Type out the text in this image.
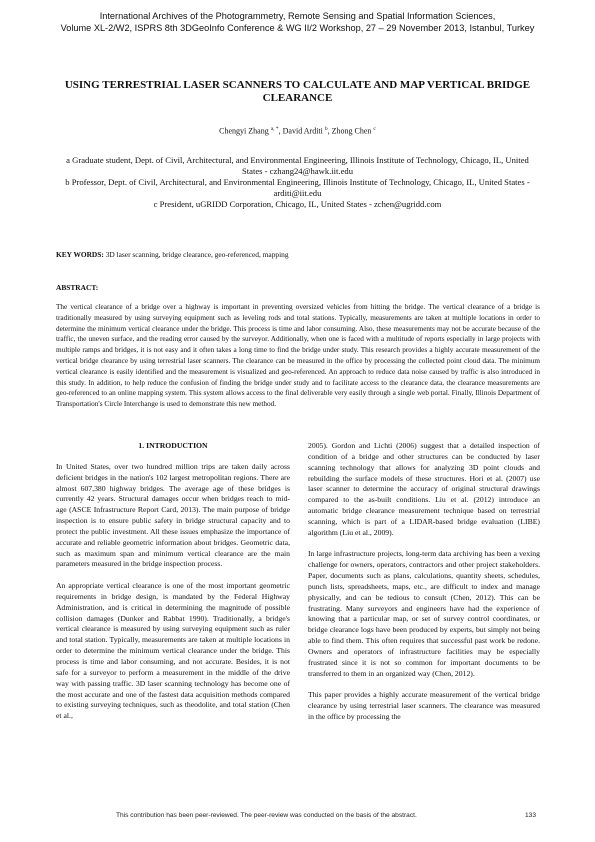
International Archives of the Photogrammetry, Remote Sensing and Spatial Information Sciences,
Volume XL-2/W2, ISPRS 8th 3DGeoInfo Conference & WG II/2 Workshop, 27 – 29 November 2013, Istanbul, Turkey
USING TERRESTRIAL LASER SCANNERS TO CALCULATE AND MAP VERTICAL BRIDGE CLEARANCE
Chengyi Zhang $^{a, *}$, David Arditi $^b$, Zhong Chen $^c$
a Graduate student, Dept. of Civil, Architectural, and Environmental Engineering, Illinois Institute of Technology, Chicago, IL, United States - czhang24@hawk.iit.edu
b Professor, Dept. of Civil, Architectural, and Environmental Engineering, Illinois Institute of Technology, Chicago, IL, United States - arditi@iit.edu
c President, uGRIDD Corporation, Chicago, IL, United States - zchen@ugridd.com
KEY WORDS: 3D laser scanning, bridge clearance, geo-referenced, mapping
ABSTRACT:
The vertical clearance of a bridge over a highway is important in preventing oversized vehicles from hitting the bridge. The vertical clearance of a bridge is traditionally measured by using surveying equipment such as leveling rods and total stations. Typically, measurements are taken at multiple locations in order to determine the minimum vertical clearance under the bridge. This process is time and labor consuming. Also, these measurements may not be accurate because of the traffic, the uneven surface, and the reading error caused by the surveyor. Additionally, when one is faced with a multitude of reports especially in large projects with multiple ramps and bridges, it is not easy and it often takes a long time to find the bridge under study. This research provides a highly accurate measurement of the vertical bridge clearance by using terrestrial laser scanners. The clearance can be measured in the office by processing the collected point cloud data. The minimum vertical clearance is easily identified and the measurement is visualized and geo-referenced. An approach to reduce data noise caused by traffic is also introduced in this study. In addition, to help reduce the confusion of finding the bridge under study and to facilitate access to the clearance data, the clearance measurements are geo-referenced to an online mapping system. This system allows access to the final deliverable very easily through a single web portal. Finally, Illinois Department of Transportation's Circle Interchange is used to demonstrate this new method.
1. INTRODUCTION

In United States, over two hundred million trips are taken daily across deficient bridges in the nation's 102 largest metropolitan regions. There are almost 607,380 highway bridges. The average age of these bridges is currently 42 years. Structural damages occur when bridges reach to mid-age (ASCE Infrastructure Report Card, 2013). The main purpose of bridge inspection is to ensure public safety in bridge structural capacity and to protect the public investment. All these issues emphasize the importance of accurate and reliable geometric information about bridges. Geometric data, such as maximum span and minimum vertical clearance are the main parameters measured in the bridge inspection process.

An appropriate vertical clearance is one of the most important geometric requirements in bridge design, is mandated by the Federal Highway Administration, and is critical in determining the magnitude of possible collision damages (Dunker and Rabbat 1990). Traditionally, a bridge's vertical clearance is measured by using surveying equipment such as ruler and total station. Typically, measurements are taken at multiple locations in order to determine the minimum vertical clearance under the bridge. This process is time and labor consuming, and not accurate. Besides, it is not safe for a surveyor to perform a measurement in the middle of the drive way with passing traffic. 3D laser scanning technology has become one of the most accurate and one of the fastest data acquisition methods compared to existing surveying techniques, such as theodolite, and total station (Chen et al.,

2005). Gordon and Lichti (2006) suggest that a detailed inspection of condition of a bridge and other structures can be conducted by laser scanning technology that allows for analyzing 3D point clouds and rebuilding the surface models of these structures. Hori et al. (2007) use laser scanner to determine the accuracy of original structural drawings compared to the as-built conditions. Liu et al. (2012) introduce an automatic bridge clearance measurement technique based on terrestrial scanning, which is part of a LIDAR-based bridge evaluation (LIBE) algorithm (Liu et al., 2009).

In large infrastructure projects, long-term data archiving has been a vexing challenge for owners, operators, contractors and other project stakeholders. Paper, documents such as plans, calculations, quantity sheets, schedules, punch lists, spreadsheets, maps, etc., are difficult to index and manage physically, and can be tedious to consult (Chen, 2012). This can be frustrating. Many surveyors and engineers have had the experience of knowing that a particular map, or set of survey control coordinates, or bridge clearance logs have been produced by experts, but simply not being able to find them. This often requires that successful past work be redone. Owners and operators of infrastructure facilities may be especially frustrated since it is not so common for important documents to be transferred to them in an organized way (Chen, 2012).

This paper provides a highly accurate measurement of the vertical bridge clearance by using terrestrial laser scanners. The clearance was measured in the office by processing the

This contribution has been peer-reviewed. The peer-review was conducted on the basis of the abstract.	133
